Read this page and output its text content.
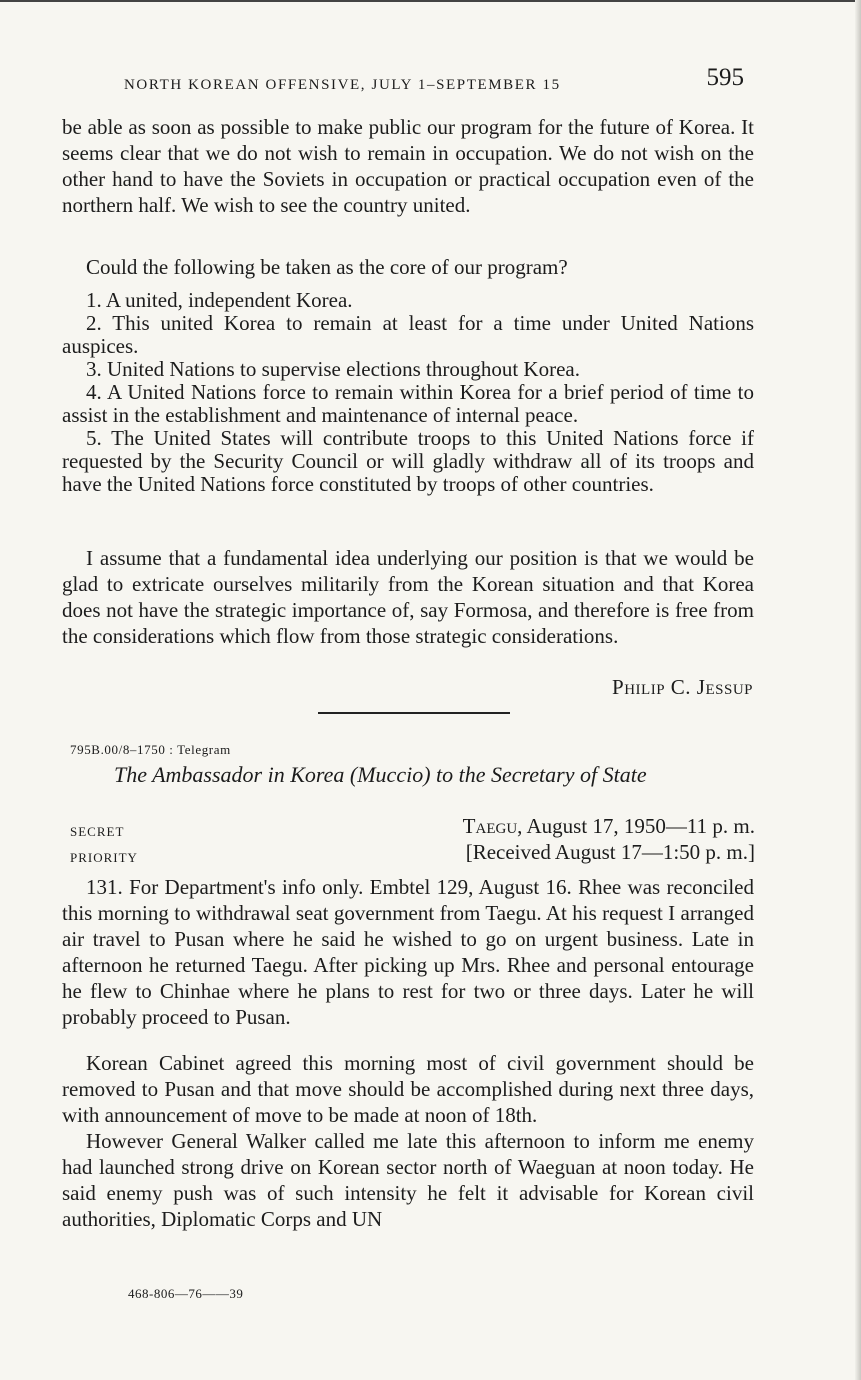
NORTH KOREAN OFFENSIVE, JULY 1–SEPTEMBER 15	595

be able as soon as possible to make public our program for the future of Korea. It seems clear that we do not wish to remain in occupation. We do not wish on the other hand to have the Soviets in occupation or practical occupation even of the northern half. We wish to see the country united.

Could the following be taken as the core of our program?

1. A united, independent Korea.
2. This united Korea to remain at least for a time under United Nations auspices.
3. United Nations to supervise elections throughout Korea.
4. A United Nations force to remain within Korea for a brief period of time to assist in the establishment and maintenance of internal peace.
5. The United States will contribute troops to this United Nations force if requested by the Security Council or will gladly withdraw all of its troops and have the United Nations force constituted by troops of other countries.

I assume that a fundamental idea underlying our position is that we would be glad to extricate ourselves militarily from the Korean situation and that Korea does not have the strategic importance of, say Formosa, and therefore is free from the considerations which flow from those strategic considerations.

Philip C. Jessup
795B.00/8–1750 : Telegram
The Ambassador in Korea (Muccio) to the Secretary of State
SECRET
PRIORITY
Taegu, August 17, 1950—11 p. m.
[Received August 17—1:50 p. m.]

131. For Department's info only. Embtel 129, August 16. Rhee was reconciled this morning to withdrawal seat government from Taegu. At his request I arranged air travel to Pusan where he said he wished to go on urgent business. Late in afternoon he returned Taegu. After picking up Mrs. Rhee and personal entourage he flew to Chinhae where he plans to rest for two or three days. Later he will probably proceed to Pusan.

Korean Cabinet agreed this morning most of civil government should be removed to Pusan and that move should be accomplished during next three days, with announcement of move to be made at noon of 18th.

However General Walker called me late this afternoon to inform me enemy had launched strong drive on Korean sector north of Waeguan at noon today. He said enemy push was of such intensity he felt it advisable for Korean civil authorities, Diplomatic Corps and UN

468-806—76——39
